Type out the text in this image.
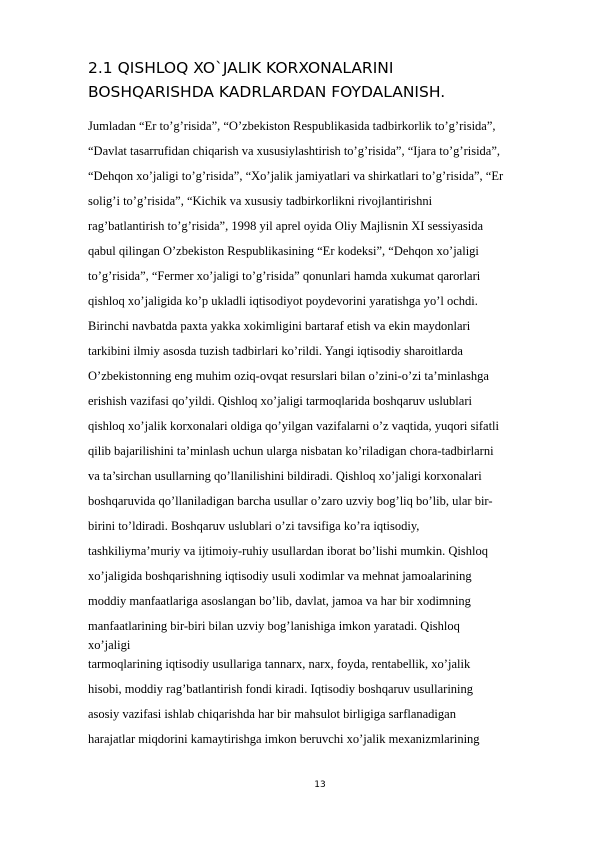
2.1 QISHLOQ XO`JALIK KORXONALARINI
BOSHQARISHDA KADRLARDAN FOYDALANISH.
Jumladan “Er to’g’risida”, “O’zbekiston Respublikasida tadbirkorlik to’g’risida”,
“Davlat tasarrufidan chiqarish va xususiylashtirish to’g’risida”, “Ijara to’g’risida”,
“Dehqon xo’jaligi to’g’risida”, “Xo’jalik jamiyatlari va shirkatlari to’g’risida”, “Er
solig’i to’g’risida”, “Kichik va xususiy tadbirkorlikni rivojlantirishni
rag’batlantirish to’g’risida”, 1998 yil aprel oyida Oliy Majlisnin XI sessiyasida
qabul qilingan O’zbekiston Respublikasining “Er kodeksi”, “Dehqon xo’jaligi
to’g’risida”, “Fermer xo’jaligi to’g’risida” qonunlari hamda xukumat qarorlari
qishloq xo’jaligida ko’p ukladli iqtisodiyot poydevorini yaratishga yo’l ochdi.
Birinchi navbatda paxta yakka xokimligini bartaraf etish va ekin maydonlari
tarkibini ilmiy asosda tuzish tadbirlari ko’rildi. Yangi iqtisodiy sharoitlarda
O’zbekistonning eng muhim oziq-ovqat resurslari bilan o’zini-o’zi ta’minlashga
erishish vazifasi qo’yildi. Qishloq xo’jaligi tarmoqlarida boshqaruv uslublari
qishloq xo’jalik korxonalari oldiga qo’yilgan vazifalarni o’z vaqtida, yuqori sifatli
qilib bajarilishini ta’minlash uchun ularga nisbatan ko’riladigan chora-tadbirlarni
va ta’sirchan usullarning qo’llanilishini bildiradi. Qishloq xo’jaligi korxonalari
boshqaruvida qo’llaniladigan barcha usullar o’zaro uzviy bog’liq bo’lib, ular bir-
birini to’ldiradi. Boshqaruv uslublari o’zi tavsifiga ko’ra iqtisodiy,
tashkiliyma’muriy va ijtimoiy-ruhiy usullardan iborat bo’lishi mumkin. Qishloq
xo’jaligida boshqarishning iqtisodiy usuli xodimlar va mehnat jamoalarining
moddiy manfaatlariga asoslangan bo’lib, davlat, jamoa va har bir xodimning
manfaatlarining bir-biri bilan uzviy bog’lanishiga imkon yaratadi. Qishloq
xo’jaligi
tarmoqlarining iqtisodiy usullariga tannarx, narx, foyda, rentabellik, xo’jalik
hisobi, moddiy rag’batlantirish fondi kiradi. Iqtisodiy boshqaruv usullarining
asosiy vazifasi ishlab chiqarishda har bir mahsulot birligiga sarflanadigan
harajatlar miqdorini kamaytirishga imkon beruvchi xo’jalik mexanizmlarining
13
